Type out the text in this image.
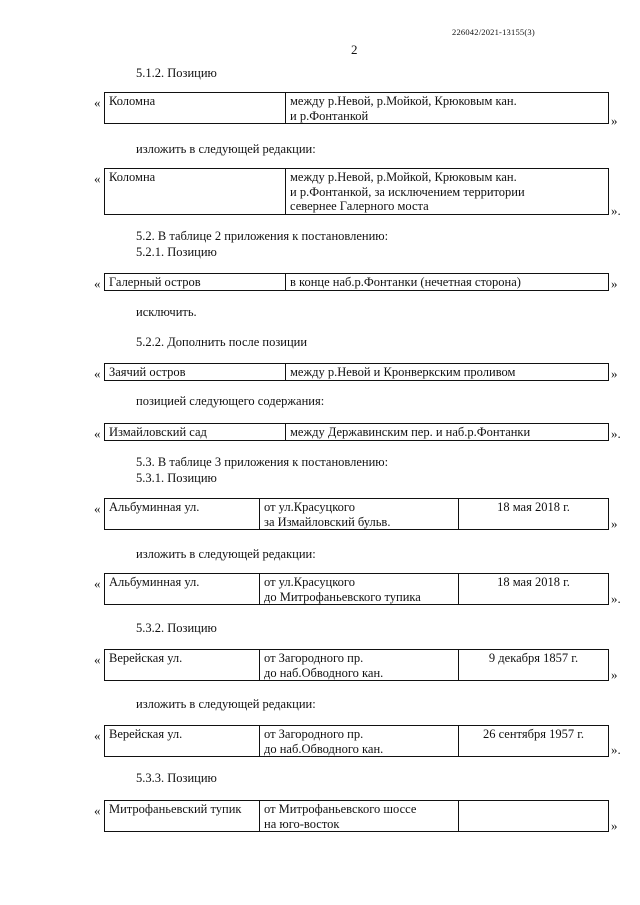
226042/2021-13155(3)
2
5.1.2. Позицию
« Коломна	между р.Невой, р.Мойкой, Крюковым кан.
и р.Фонтанкой	»
изложить в следующей редакции:
« Коломна	между р.Невой, р.Мойкой, Крюковым кан.
и р.Фонтанкой, за исключением территории
севернее Галерного моста	».
5.2. В таблице 2 приложения к постановлению:
5.2.1. Позицию
« Галерный остров	в конце наб.р.Фонтанки (нечетная сторона)	»
исключить.
5.2.2. Дополнить после позиции
« Заячий остров	между р.Невой и Кронверкским проливом	»
позицией следующего содержания:
« Измайловский сад	между Державинским пер. и наб.р.Фонтанки	».
5.3. В таблице 3 приложения к постановлению:
5.3.1. Позицию
« Альбуминная ул.	от ул.Красуцкого
за Измайловский бульв.
	18 мая 2018 г.
»
изложить в следующей редакции:
« Альбуминная ул.	от ул.Красуцкого
до Митрофаньевского тупика
	18 мая 2018 г.
».
5.3.2. Позицию
« Верейская ул.	от Загородного пр.
до наб.Обводного кан.
	9 декабря 1857 г.
»
изложить в следующей редакции:
« Верейская ул.	от Загородного пр.
до наб.Обводного кан.
	26 сентября 1957 г.
».
5.3.3. Позицию
« Митрофаньевский тупик	от Митрофаньевского шоссе
на юго-восток
		»
